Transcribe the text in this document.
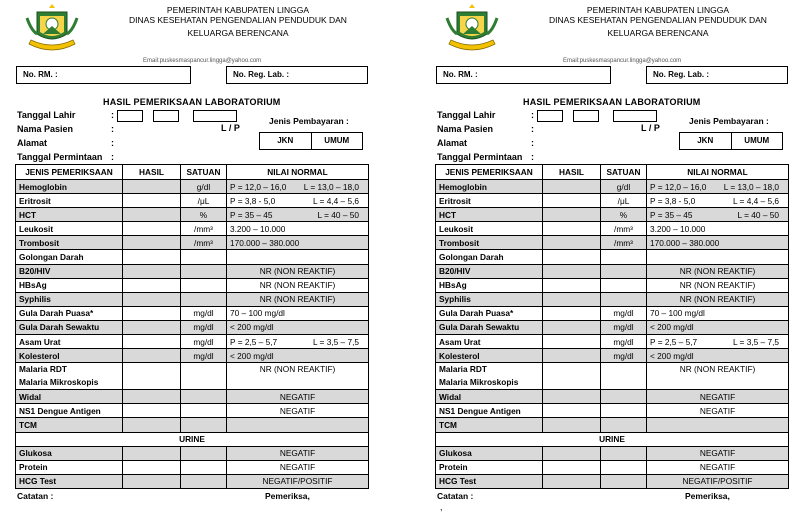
PEMERINTAH KABUPATEN LINGGA
DINAS KESEHATAN PENGENDALIAN PENDUDUK DAN
KELUARGA BERENCANA
Email:puskesmaspancur.lingga@yahoo.com
No. RM. :	No. Reg. Lab. :
HASIL PEMERIKSAAN LABORATORIUM
Tanggal Lahir
Nama Pasien
Alamat
Tanggal Permintaan
:
:
:
:
L / P
Jenis Pembayaran :
JKN	UMUM
JENIS PEMERIKSAAN	HASIL	SATUAN	NILAI NORMAL
Hemoglobin		g/dl	P = 12,0 – 16,0 L = 13,0 – 18,0

Eritrosit		/μL	P = 3,8 - 5,0 L = 4,4 – 5,6

HCT		%	P = 35 – 45 L = 40 – 50

Leukosit		/mm³	3.200 – 10.000
Trombosit		/mm³	170.000 – 380.000
Golongan Darah			
B20/HIV			NR (NON REAKTIF)
HBsAg			NR (NON REAKTIF)
Syphilis			NR (NON REAKTIF)
Gula Darah Puasa*		mg/dl	70 – 100 mg/dl
Gula Darah Sewaktu		mg/dl	< 200 mg/dl
Asam Urat		mg/dl	P = 2,5 – 5,7 L = 3,5 – 7,5

Kolesterol		mg/dl	< 200 mg/dl
Malaria RDT
Malaria Mikroskopis			NR (NON REAKTIF)
Widal			NEGATIF
NS1 Dengue Antigen			NEGATIF
TCM			
URINE			
Glukosa			NEGATIF
Protein			NEGATIF
HCG Test			NEGATIF/POSITIF
Catatan :	Pemeriksa,
PEMERINTAH KABUPATEN LINGGA
DINAS KESEHATAN PENGENDALIAN PENDUDUK DAN
KELUARGA BERENCANA
Email:puskesmaspancur.lingga@yahoo.com
No. RM. :	No. Reg. Lab. :
HASIL PEMERIKSAAN LABORATORIUM
Tanggal Lahir
Nama Pasien
Alamat
Tanggal Permintaan
:
:
:
:
L / P
Jenis Pembayaran :
JKN	UMUM
JENIS PEMERIKSAAN	HASIL	SATUAN	NILAI NORMAL
Hemoglobin		g/dl	P = 12,0 – 16,0 L = 13,0 – 18,0

Eritrosit		/μL	P = 3,8 - 5,0 L = 4,4 – 5,6

HCT		%	P = 35 – 45 L = 40 – 50

Leukosit		/mm³	3.200 – 10.000
Trombosit		/mm³	170.000 – 380.000
Golongan Darah			
B20/HIV			NR (NON REAKTIF)
HBsAg			NR (NON REAKTIF)
Syphilis			NR (NON REAKTIF)
Gula Darah Puasa*		mg/dl	70 – 100 mg/dl
Gula Darah Sewaktu		mg/dl	< 200 mg/dl
Asam Urat		mg/dl	P = 2,5 – 5,7 L = 3,5 – 7,5

Kolesterol		mg/dl	< 200 mg/dl
Malaria RDT
Malaria Mikroskopis			NR (NON REAKTIF)
Widal			NEGATIF
NS1 Dengue Antigen			NEGATIF
TCM			
URINE			
Glukosa			NEGATIF
Protein			NEGATIF
HCG Test			NEGATIF/POSITIF
Catatan :	Pemeriksa,
,
